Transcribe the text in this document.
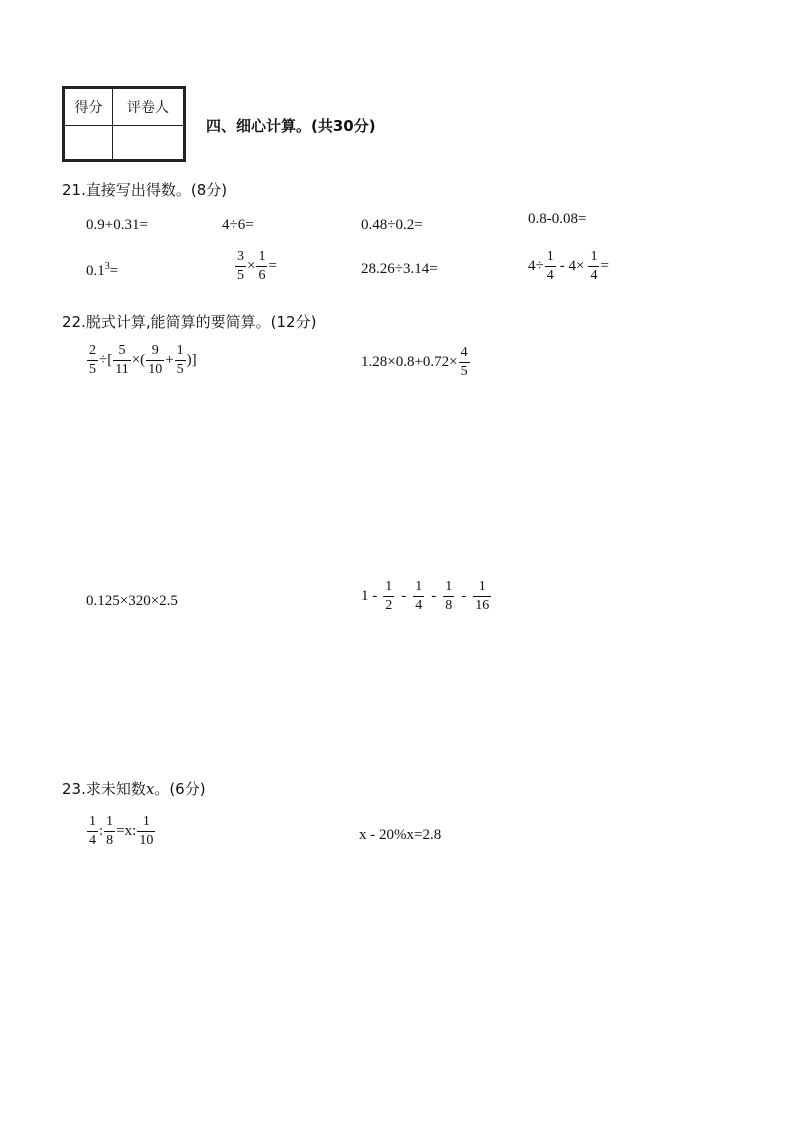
得分	评卷人

四、细心计算。(共30分)
21.直接写出得数。(8分)
0.9+0.31=	4÷6=	0.48÷0.2=	0.8-0.08=
$0.1^3=$	$\frac{3}{5} \times \frac{1}{6}$ =	28.26÷3.14=	$4\div \frac{1}{4} - 4\times \frac{1}{4}$ =
22.脱式计算,能简算的要简算。(12分)
$\frac{2}{5}$ ÷[ $\frac{5}{11}$ ×( $\frac{9}{10} + \frac{1}{5}$ )]	$1.28\times 0.8+0.72\times \frac{4}{5}$
0.125×320×2.5	$1 - \frac{1}{2} - \frac{1}{4} - \frac{1}{8} - \frac{1}{16}$
23.求未知数x。(6分)
$\frac{1}{4}$ : $\frac{1}{8} =x$: $\frac{1}{10}$	x - 20%x=2.8
